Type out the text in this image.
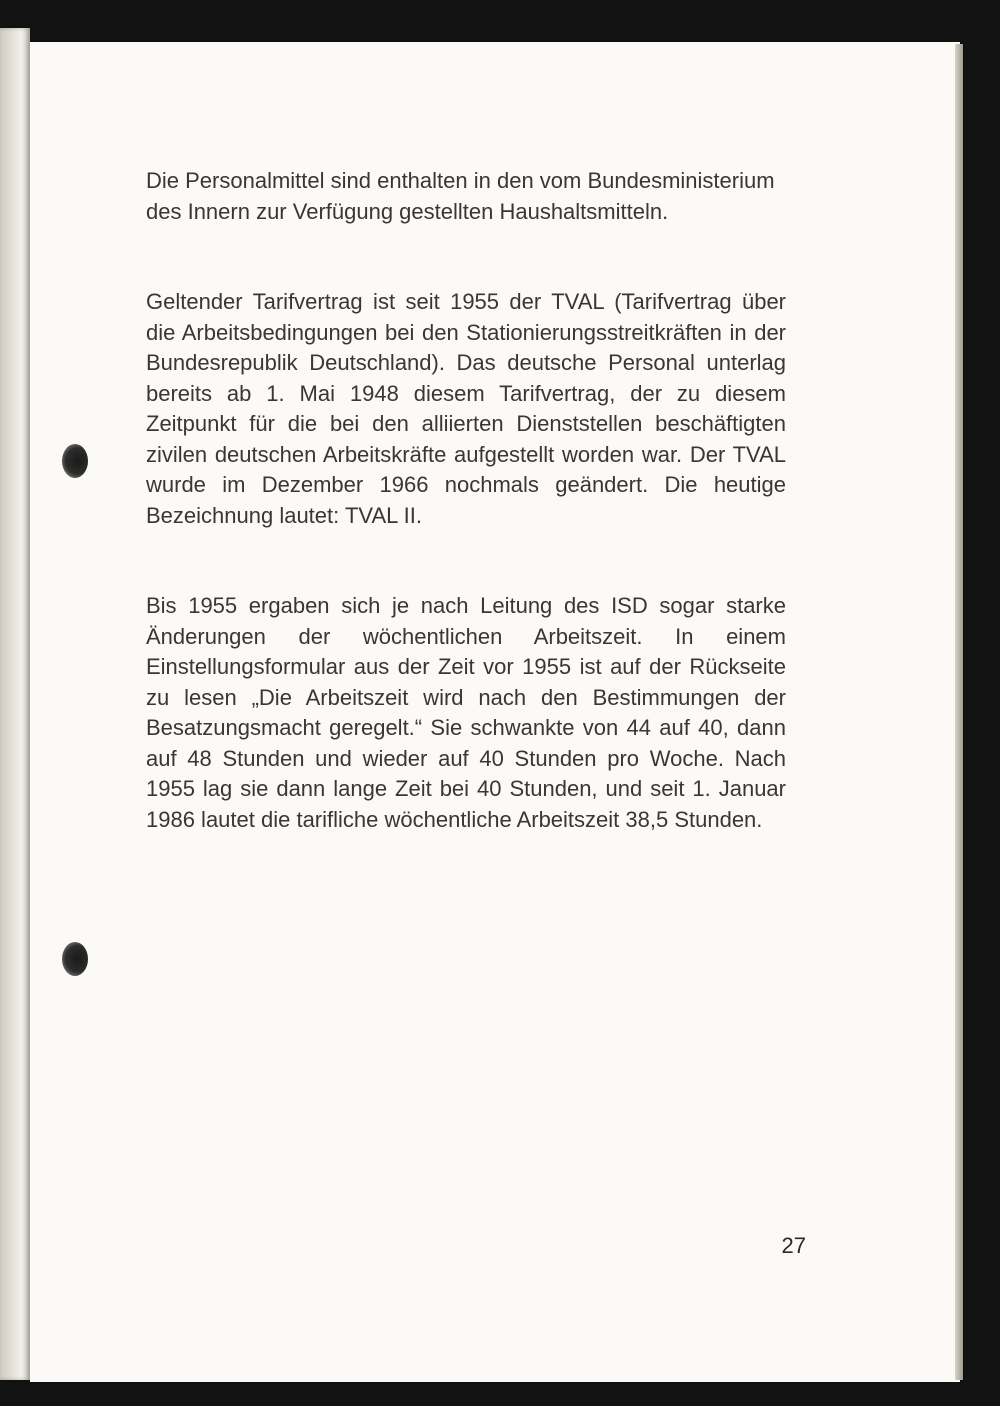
Die Personalmittel sind enthalten in den vom Bundesministerium des Innern zur Verfügung gestellten Haushaltsmitteln.

Geltender Tarifvertrag ist seit 1955 der TVAL (Tarifvertrag über die Arbeitsbedingungen bei den Stationierungsstreitkräften in der Bundesrepublik Deutschland). Das deutsche Personal unterlag bereits ab 1. Mai 1948 diesem Tarifvertrag, der zu diesem Zeitpunkt für die bei den alliierten Dienststellen beschäftigten zivilen deutschen Arbeitskräfte aufgestellt worden war. Der TVAL wurde im Dezember 1966 nochmals geändert. Die heutige Bezeichnung lautet: TVAL II.

Bis 1955 ergaben sich je nach Leitung des ISD sogar starke Änderungen der wöchentlichen Arbeitszeit. In einem Einstellungsformular aus der Zeit vor 1955 ist auf der Rückseite zu lesen „Die Arbeitszeit wird nach den Bestimmungen der Besatzungsmacht geregelt.“ Sie schwankte von 44 auf 40, dann auf 48 Stunden und wieder auf 40 Stunden pro Woche. Nach 1955 lag sie dann lange Zeit bei 40 Stunden, und seit 1. Januar 1986 lautet die tarifliche wöchentliche Arbeitszeit 38,5 Stunden.

27
